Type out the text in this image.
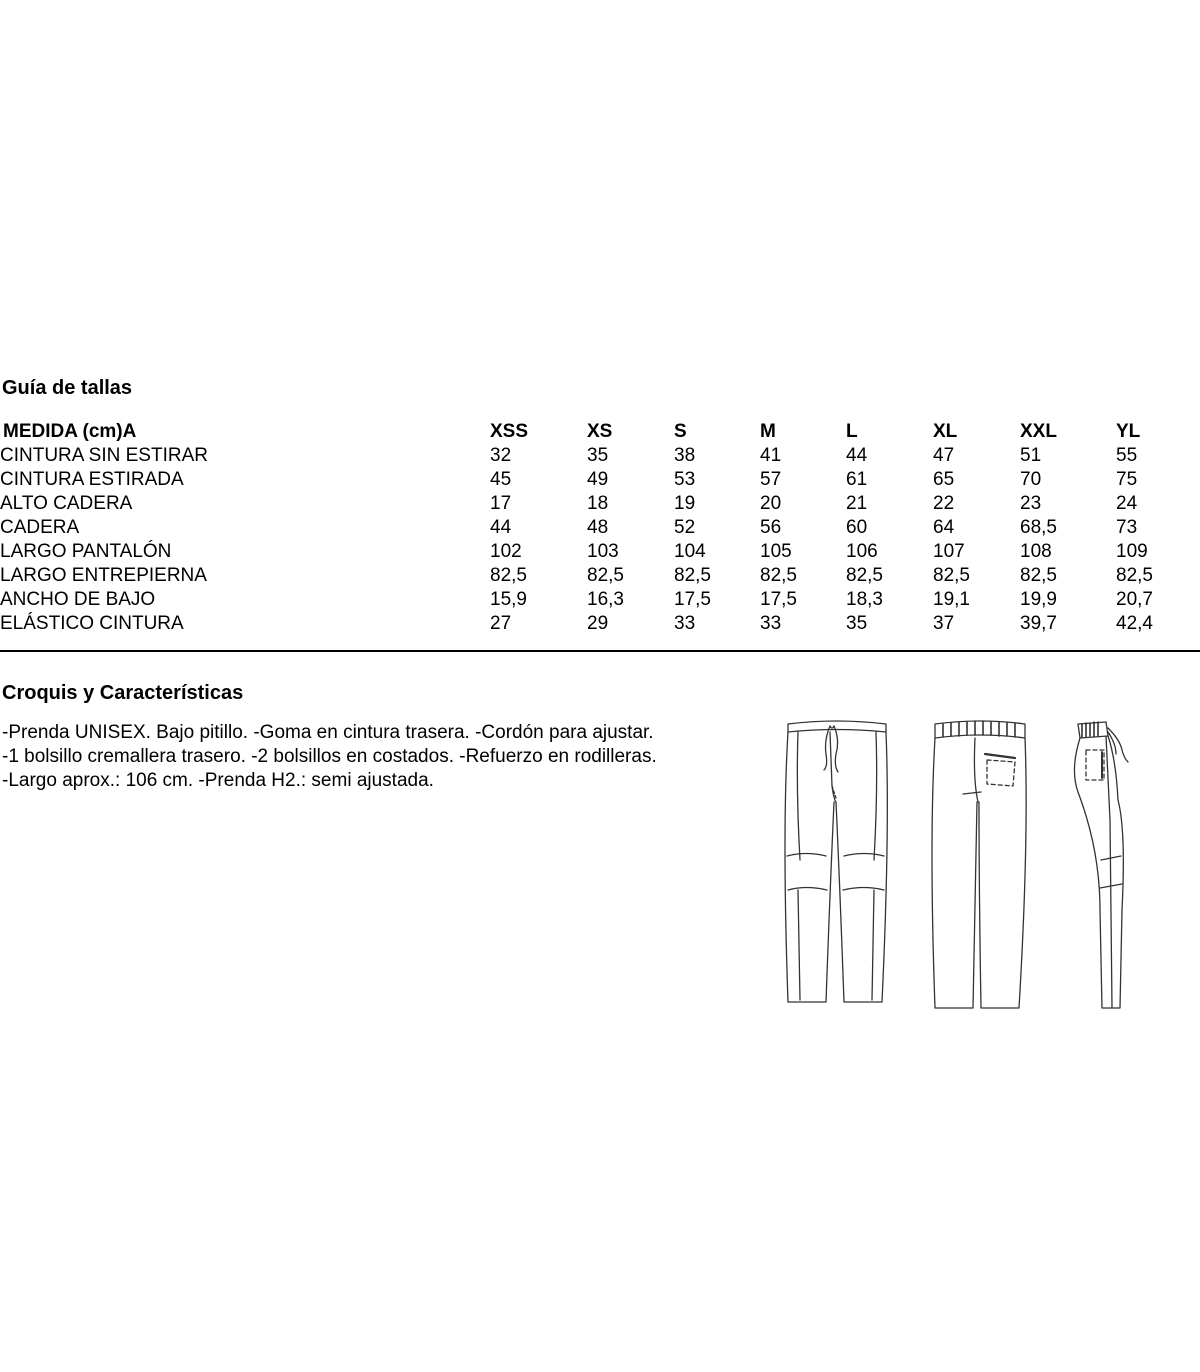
Guía de tallas
MEDIDA (cm)A	XSS	XS	S	M	L	XL	XXL	YL
CINTURA SIN ESTIRAR	32	35	38	41	44	47	51	55
CINTURA ESTIRADA	45	49	53	57	61	65	70	75
ALTO CADERA	17	18	19	20	21	22	23	24
CADERA	44	48	52	56	60	64	68,5	73
LARGO PANTALÓN	102	103	104	105	106	107	108	109
LARGO ENTREPIERNA	82,5	82,5	82,5	82,5	82,5	82,5	82,5	82,5
ANCHO DE BAJO	15,9	16,3	17,5	17,5	18,3	19,1	19,9	20,7
ELÁSTICO CINTURA	27	29	33	33	35	37	39,7	42,4
Croquis y Características
-Prenda UNISEX. Bajo pitillo. -Goma en cintura trasera. -Cordón para ajustar.
-1 bolsillo cremallera trasero. -2 bolsillos en costados. -Refuerzo en rodilleras.
-Largo aprox.: 106 cm. -Prenda H2.: semi ajustada.
